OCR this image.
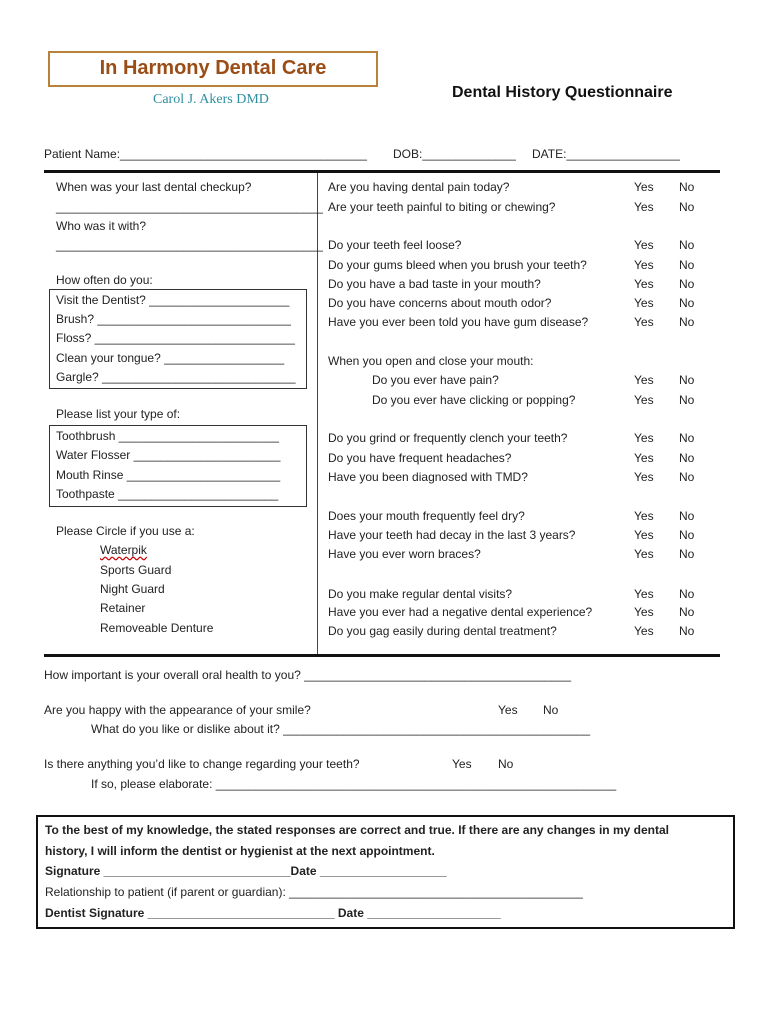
In Harmony Dental Care
Carol J. Akers DMD	Dental History Questionnaire
Patient Name:_____________________________________ DOB:______________ DATE:_________________
When was your last dental checkup?
________________________________________
Who was it with?
________________________________________
How often do you:
Visit the Dentist? _____________________
Brush? _____________________________
Floss? ______________________________
Clean your tongue? __________________
Gargle? _____________________________
Please list your type of:
Toothbrush ________________________
Water Flosser ______________________
Mouth Rinse _______________________
Toothpaste ________________________
Please Circle if you use a:
Waterpik
Sports Guard
Night Guard
Retainer
Removeable Denture
Are you having dental pain today?	Yes No
Are your teeth painful to biting or chewing?	Yes No
Do your teeth feel loose?	Yes No
Do your gums bleed when you brush your teeth?	Yes No
Do you have a bad taste in your mouth?	Yes No
Do you have concerns about mouth odor?	Yes No
Have you ever been told you have gum disease?	Yes No
When you open and close your mouth:
Do you ever have pain?	Yes No
Do you ever have clicking or popping?	Yes No
Do you grind or frequently clench your teeth?	Yes No
Do you have frequent headaches?	Yes No
Have you been diagnosed with TMD?	Yes No
Does your mouth frequently feel dry?	Yes No
Have your teeth had decay in the last 3 years?	Yes No
Have you ever worn braces?	Yes No
Do you make regular dental visits?	Yes No
Have you ever had a negative dental experience?	Yes No
Do you gag easily during dental treatment?	Yes No
How important is your overall oral health to you? ________________________________________
Are you happy with the appearance of your smile?	Yes No
What do you like or dislike about it? ______________________________________________
Is there anything you’d like to change regarding your teeth?	Yes No
If so, please elaborate: ____________________________________________________________
To the best of my knowledge, the stated responses are correct and true. If there are any changes in my dental
history, I will inform the dentist or hygienist at the next appointment.
Signature ____________________________Date ___________________
Relationship to patient (if parent or guardian): ____________________________________________
Dentist Signature ____________________________ Date ____________________
